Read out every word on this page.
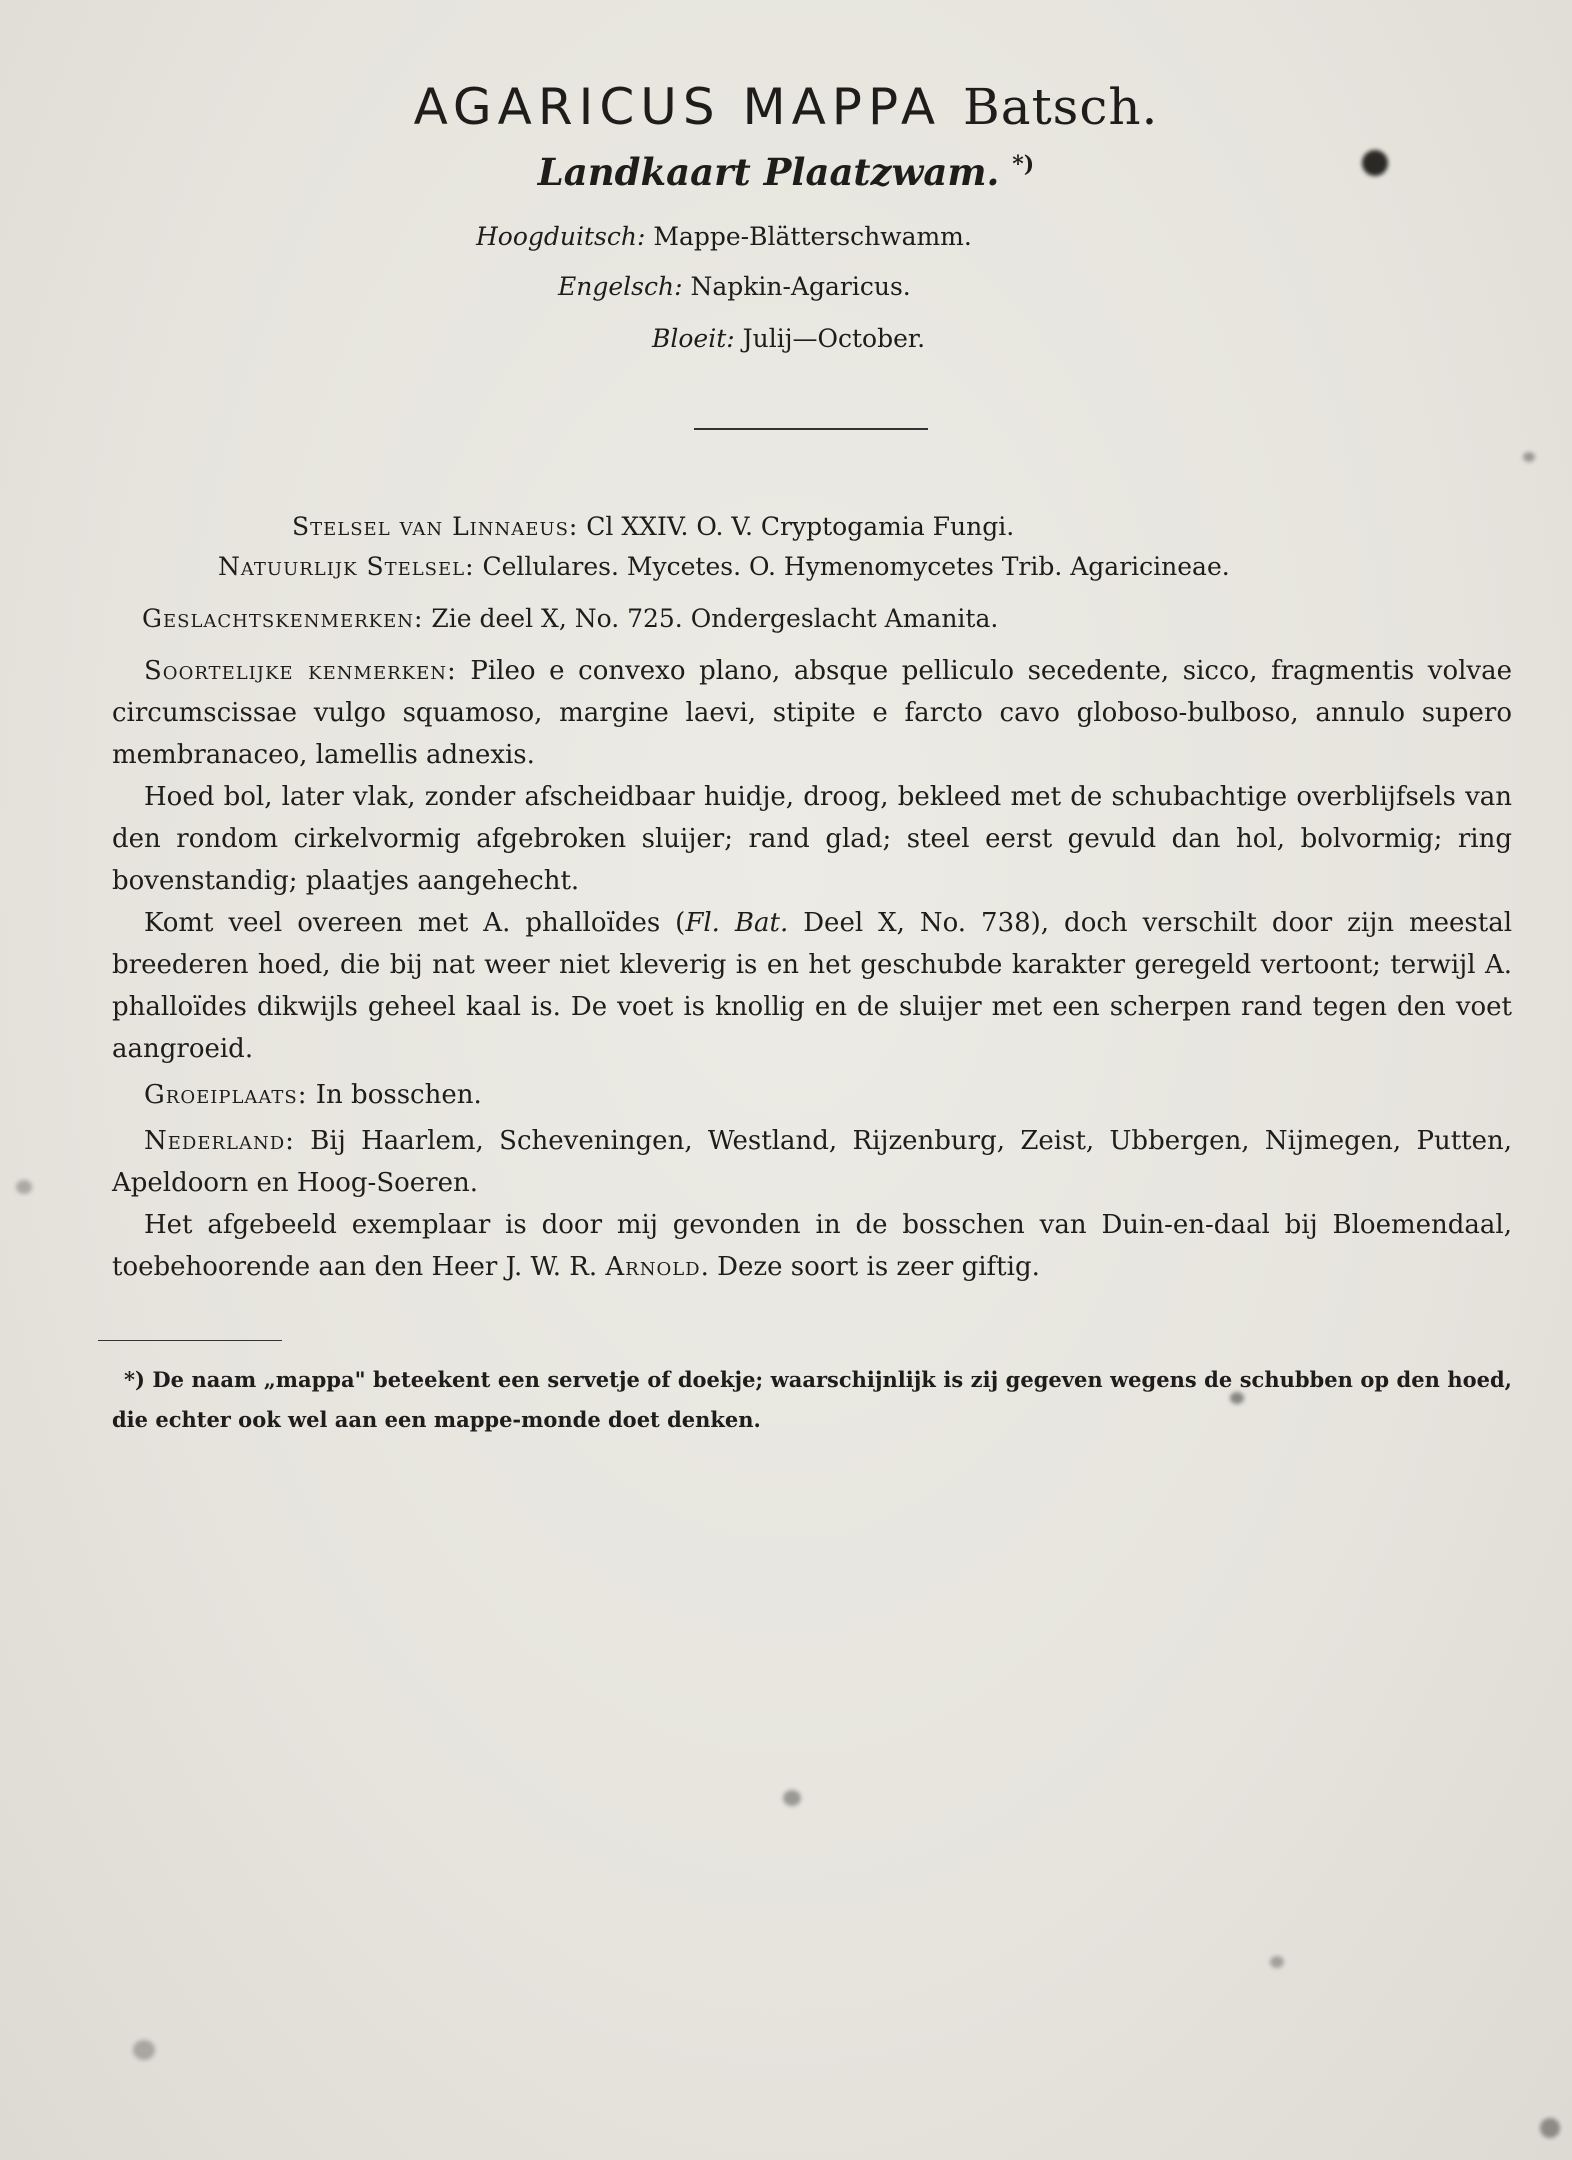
AGARICUS MAPPA Batsch.
Landkaart Plaatzwam. *)
Hoogduitsch: Mappe-Blätterschwamm.
Engelsch: Napkin-Agaricus.
Bloeit: Julij—October.
Stelsel van Linnaeus: Cl XXIV. O. V. Cryptogamia Fungi.
Natuurlijk Stelsel: Cellulares. Mycetes. O. Hymenomycetes Trib. Agaricineae.
Geslachtskenmerken: Zie deel X, No. 725. Ondergeslacht Amanita.

Soortelijke kenmerken: Pileo e convexo plano, absque pelliculo secedente, sicco, fragmentis volvae circumscissae vulgo squamoso, margine laevi, stipite e farcto cavo globoso-bulboso, annulo supero membranaceo, lamellis adnexis.

Hoed bol, later vlak, zonder afscheidbaar huidje, droog, bekleed met de schubachtige overblijfsels van den rondom cirkelvormig afgebroken sluijer; rand glad; steel eerst gevuld dan hol, bolvormig; ring bovenstandig; plaatjes aangehecht.

Komt veel overeen met A. phalloïdes (Fl. Bat. Deel X, No. 738), doch verschilt door zijn meestal breederen hoed, die bij nat weer niet kleverig is en het geschubde karakter geregeld vertoont; terwijl A. phalloïdes dikwijls geheel kaal is. De voet is knollig en de sluijer met een scherpen rand tegen den voet aangroeid.

Groeiplaats: In bosschen.

Nederland: Bij Haarlem, Scheveningen, Westland, Rijzenburg, Zeist, Ubbergen, Nijmegen, Putten, Apeldoorn en Hoog-Soeren.

Het afgebeeld exemplaar is door mij gevonden in de bosschen van Duin-en-daal bij Bloemendaal, toebehoorende aan den Heer J. W. R. Arnold. Deze soort is zeer giftig.

*) De naam „mappa" beteekent een servetje of doekje; waarschijnlijk is zij gegeven wegens de schubben op den hoed, die echter ook wel aan een mappe-monde doet denken.
